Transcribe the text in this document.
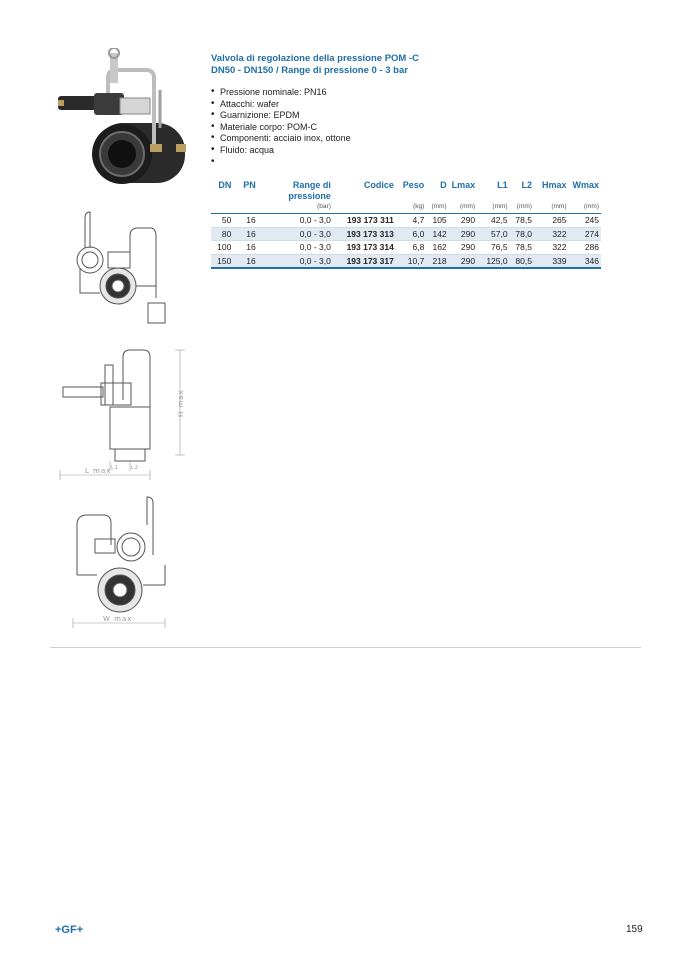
H max
L max L1 L2
W max
Valvola di regolazione della pressione POM -C
DN50 - DN150 / Range di pressione 0 - 3 bar
• Pressione nominale: PN16
• Attacchi: wafer
• Guarnizione: EPDM
• Materiale corpo: POM-C
• Componenti: acciaio inox, ottone
• Fluido: acqua
•
DN	PN	Range di pressione	Codice	Peso	D	Lmax	L1	L2	Hmax	Wmax
		(bar)		(kg)	(mm)	(mm)	(mm)	(mm)	(mm)	(mm)
50	16	0,0 - 3,0	193 173 311	4,7	105	290	42,5	78,5	265	245
80	16	0,0 - 3,0	193 173 313	6,0	142	290	57,0	78,0	322	274
100	16	0,0 - 3,0	193 173 314	6,8	162	290	76,5	78,5	322	286
150	16	0,0 - 3,0	193 173 317	10,7	218	290	125,0	80,5	339	346
+GF+	159
